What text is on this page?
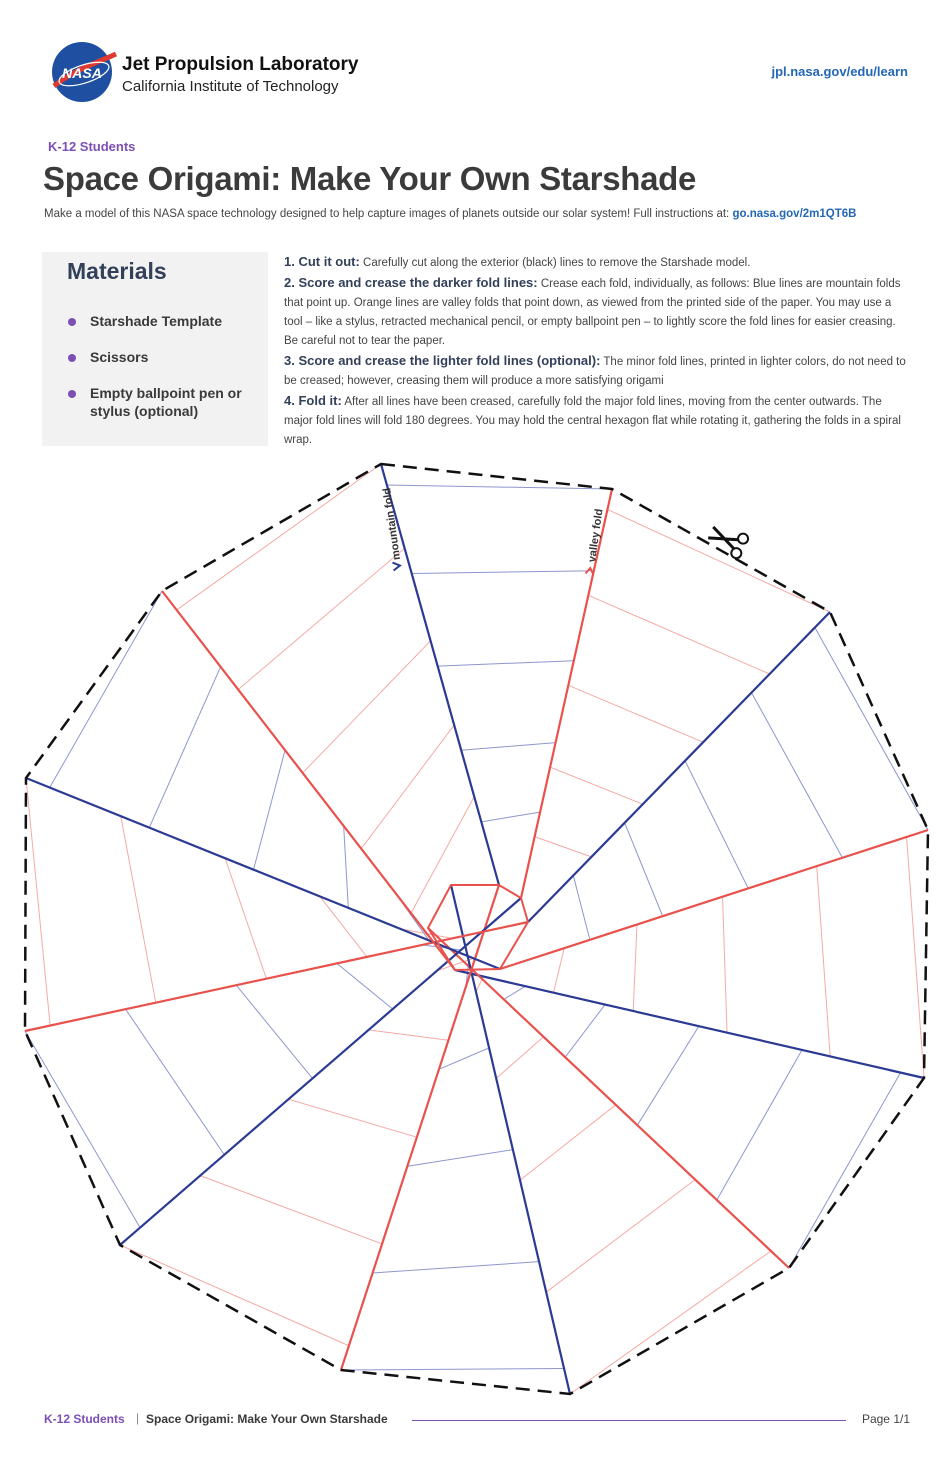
NASA Jet Propulsion Laboratory
California Institute of Technology
jpl.nasa.gov/edu/learn
K-12 Students
Space Origami: Make Your Own Starshade
Make a model of this NASA space technology designed to help capture images of planets outside our solar system! Full instructions at: go.nasa.gov/2m1QT6B
Materials
Starshade Template
Scissors
Empty ballpoint pen or stylus (optional)

1. Cut it out: Carefully cut along the exterior (black) lines to remove the Starshade model.

2. Score and crease the darker fold lines: Crease each fold, individually, as follows: Blue lines are mountain folds that point up. Orange lines are valley folds that point down, as viewed from the printed side of the paper. You may use a tool – like a stylus, retracted mechanical pencil, or empty ballpoint pen – to lightly score the fold lines for easier creasing. Be careful not to tear the paper.

3. Score and crease the lighter fold lines (optional): The minor fold lines, printed in lighter colors, do not need to be creased; however, creasing them will produce a more satisfying origami

4. Fold it: After all lines have been creased, carefully fold the major fold lines, moving from the center outwards. The major fold lines will fold 180 degrees. You may hold the central hexagon flat while rotating it, gathering the folds in a spiral wrap.

mountain fold	valley fold
K-12 Students | Space Origami: Make Your Own Starshade	Page 1/1
